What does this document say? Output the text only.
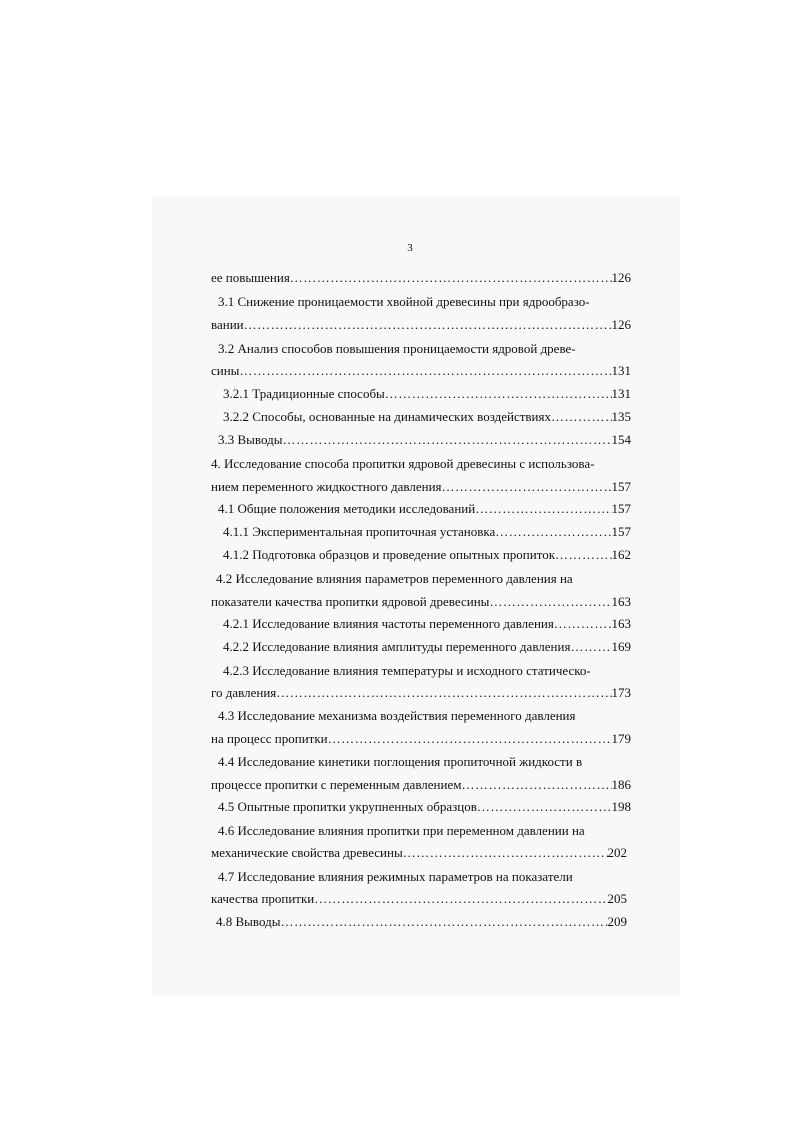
3
ее повышения ……………………………………………………………………………………………………………………………………………………………………	126
3.1 Снижение проницаемости хвойной древесины при ядрообразо-
вании ……………………………………………………………………………………………………………………………………………………………………	126
3.2 Анализ способов повышения проницаемости ядровой древе-
сины ……………………………………………………………………………………………………………………………………………………………………	131
3.2.1 Традиционные способы ……………………………………………………………………………………………………………………………………………………………………	131
3.2.2 Способы, основанные на динамических воздействиях ……………………………………………………………………………………………………………………………………………………………………	135
3.3 Выводы ……………………………………………………………………………………………………………………………………………………………………	154
4. Исследование способа пропитки ядровой древесины с использова-
нием переменного жидкостного давления ……………………………………………………………………………………………………………………………………………………………………	157
4.1 Общие положения методики исследований ……………………………………………………………………………………………………………………………………………………………………	157
4.1.1 Экспериментальная пропиточная установка ……………………………………………………………………………………………………………………………………………………………………	157
4.1.2 Подготовка образцов и проведение опытных пропиток ……………………………………………………………………………………………………………………………………………………………………	162
4.2 Исследование влияния параметров переменного давления на
показатели качества пропитки ядровой древесины ……………………………………………………………………………………………………………………………………………………………………	163
4.2.1 Исследование влияния частоты переменного давления ……………………………………………………………………………………………………………………………………………………………………	163
4.2.2 Исследование влияния амплитуды переменного давления ……………………………………………………………………………………………………………………………………………………………………	169
4.2.3 Исследование влияния температуры и исходного статическо-
го давления ……………………………………………………………………………………………………………………………………………………………………	173
4.3 Исследование механизма воздействия переменного давления
на процесс пропитки ……………………………………………………………………………………………………………………………………………………………………	179
4.4 Исследование кинетики поглощения пропиточной жидкости в
процессе пропитки с переменным давлением ……………………………………………………………………………………………………………………………………………………………………	186
4.5 Опытные пропитки укрупненных образцов ……………………………………………………………………………………………………………………………………………………………………	198
4.6 Исследование влияния пропитки при переменном давлении на
механические свойства древесины ……………………………………………………………………………………………………………………………………………………………………	202
4.7 Исследование влияния режимных параметров на показатели
качества пропитки ……………………………………………………………………………………………………………………………………………………………………	205
4.8 Выводы ……………………………………………………………………………………………………………………………………………………………………	209
